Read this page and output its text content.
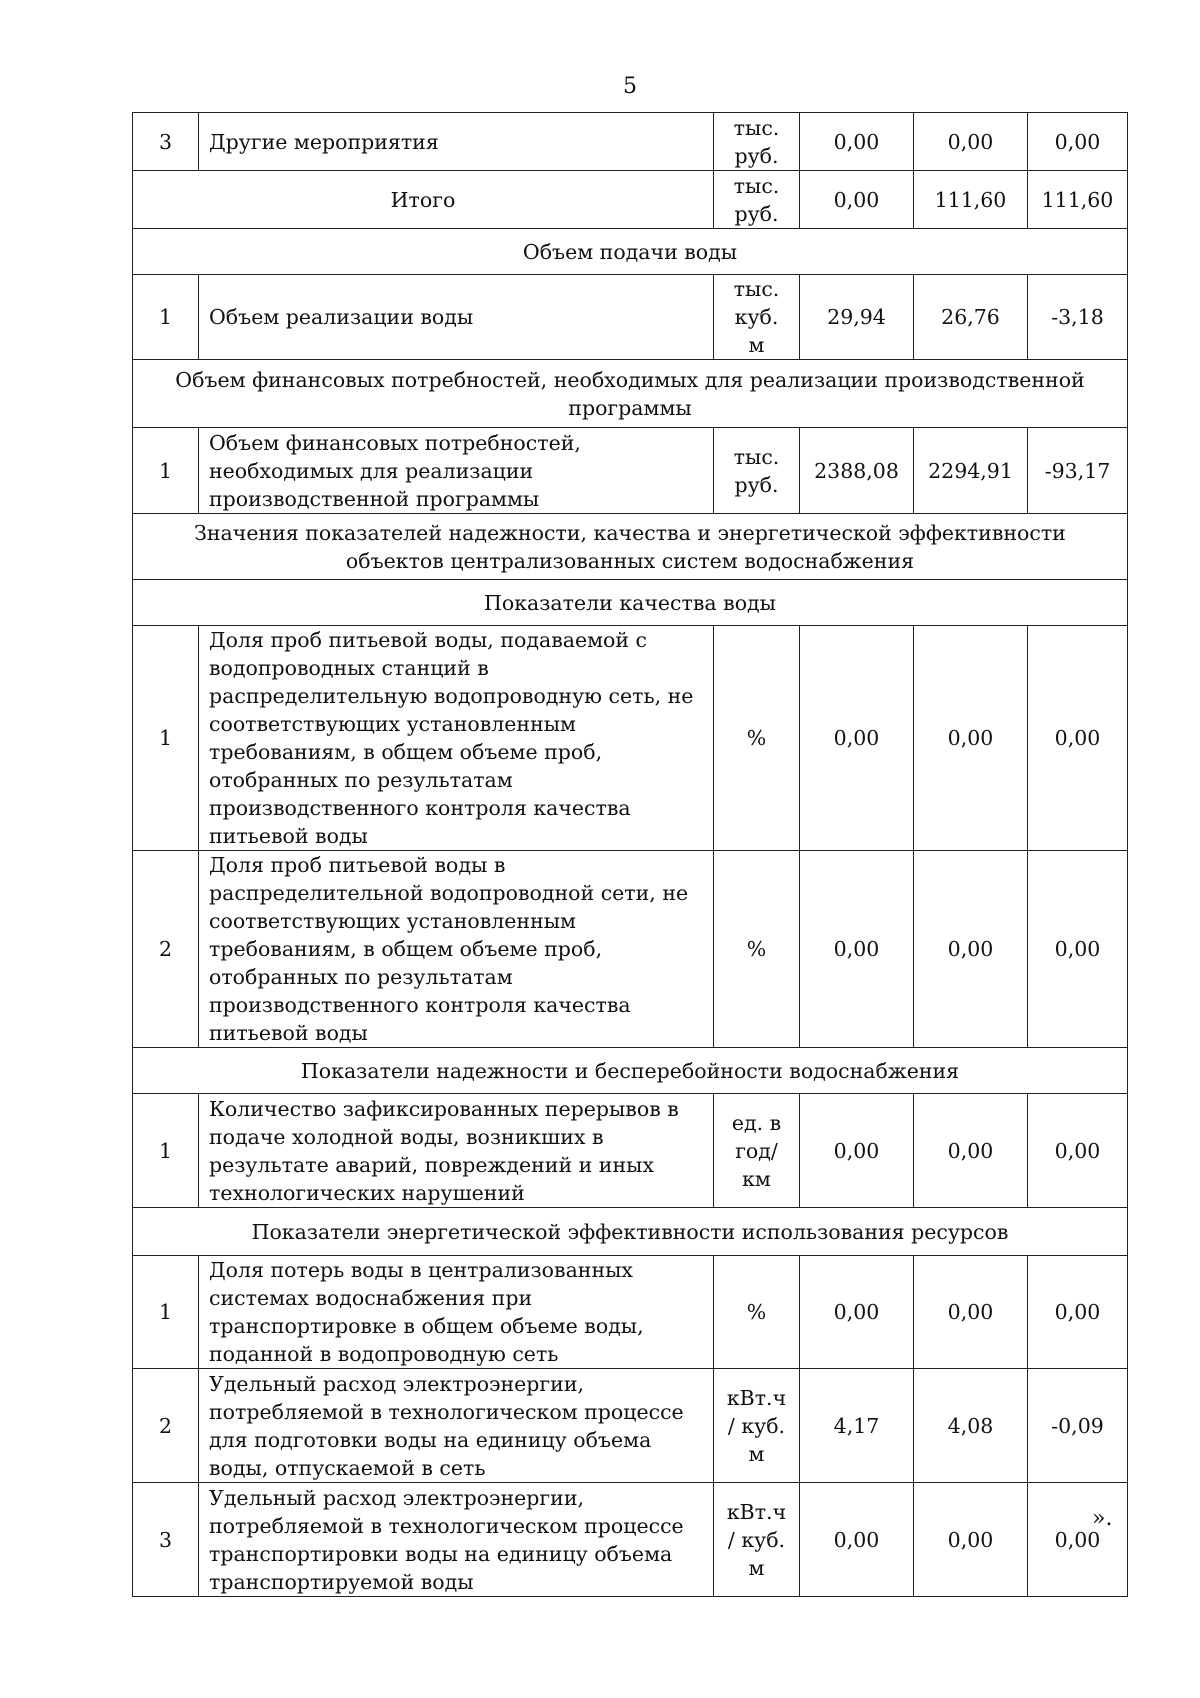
5
3	Другие мероприятия	тыс. руб.	0,00	0,00	0,00
Итого		тыс. руб.	0,00	111,60	111,60
Объем подачи воды					
1	Объем реализации воды	тыс. куб. м	29,94	26,76	-3,18
Объем финансовых потребностей, необходимых для реализации производственной программы					
1	Объем финансовых потребностей, необходимых для реализации производственной программы	тыс. руб.	2388,08	2294,91	-93,17
Значения показателей надежности, качества и энергетической эффективности объектов централизованных систем водоснабжения					
Показатели качества воды					
1	Доля проб питьевой воды, подаваемой с водопроводных станций в распределительную водопроводную сеть, не соответствующих установленным требованиям, в общем объеме проб, отобранных по результатам производственного контроля качества питьевой воды	%	0,00	0,00	0,00
2	Доля проб питьевой воды в распределительной водопроводной сети, не соответствующих установленным требованиям, в общем объеме проб, отобранных по результатам производственного контроля качества питьевой воды	%	0,00	0,00	0,00
Показатели надежности и бесперебойности водоснабжения					
1	Количество зафиксированных перерывов в подаче холодной воды, возникших в результате аварий, повреждений и иных технологических нарушений	ед. в год/ км	0,00	0,00	0,00
Показатели энергетической эффективности использования ресурсов					
1	Доля потерь воды в централизованных системах водоснабжения при транспортировке в общем объеме воды, поданной в водопроводную сеть	%	0,00	0,00	0,00
2	Удельный расход электроэнергии, потребляемой в технологическом процессе для подготовки воды на единицу объема воды, отпускаемой в сеть	кВт.ч / куб. м	4,17	4,08	-0,09
3	Удельный расход электроэнергии, потребляемой в технологическом процессе транспортировки воды на единицу объема транспортируемой воды	кВт.ч / куб. м	0,00	0,00	0,00
».
